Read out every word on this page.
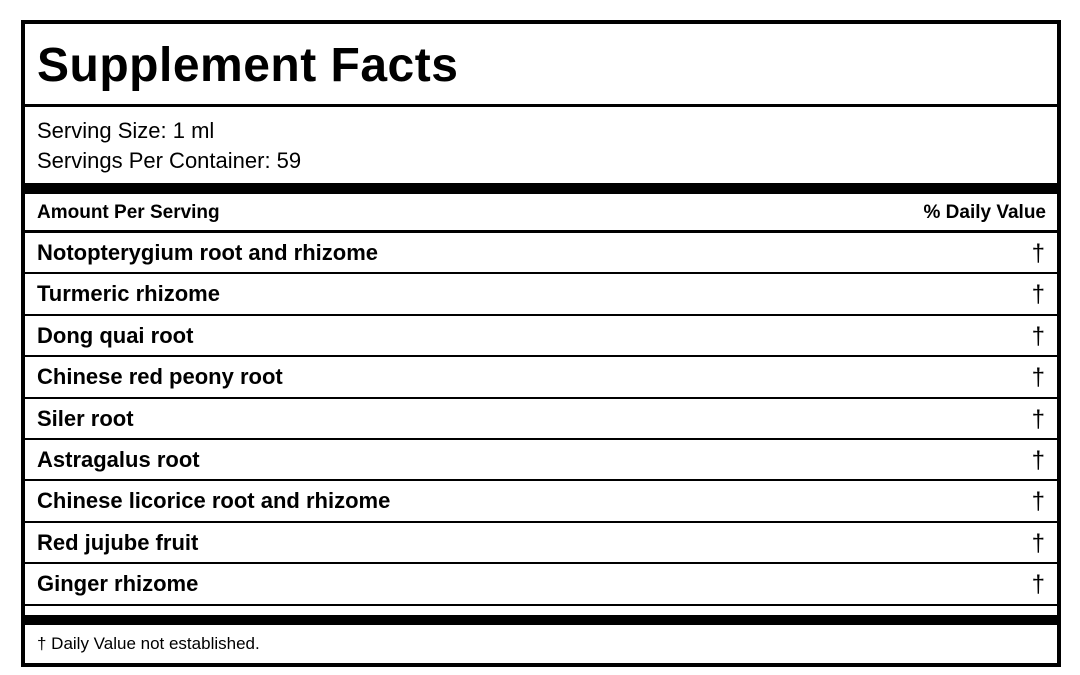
Supplement Facts
Serving Size: 1 ml
Servings Per Container: 59
Amount Per Serving	% Daily Value
Notopterygium root and rhizome	†
Turmeric rhizome	†
Dong quai root	†
Chinese red peony root	†
Siler root	†
Astragalus root	†
Chinese licorice root and rhizome	†
Red jujube fruit	†
Ginger rhizome	†
† Daily Value not established.
